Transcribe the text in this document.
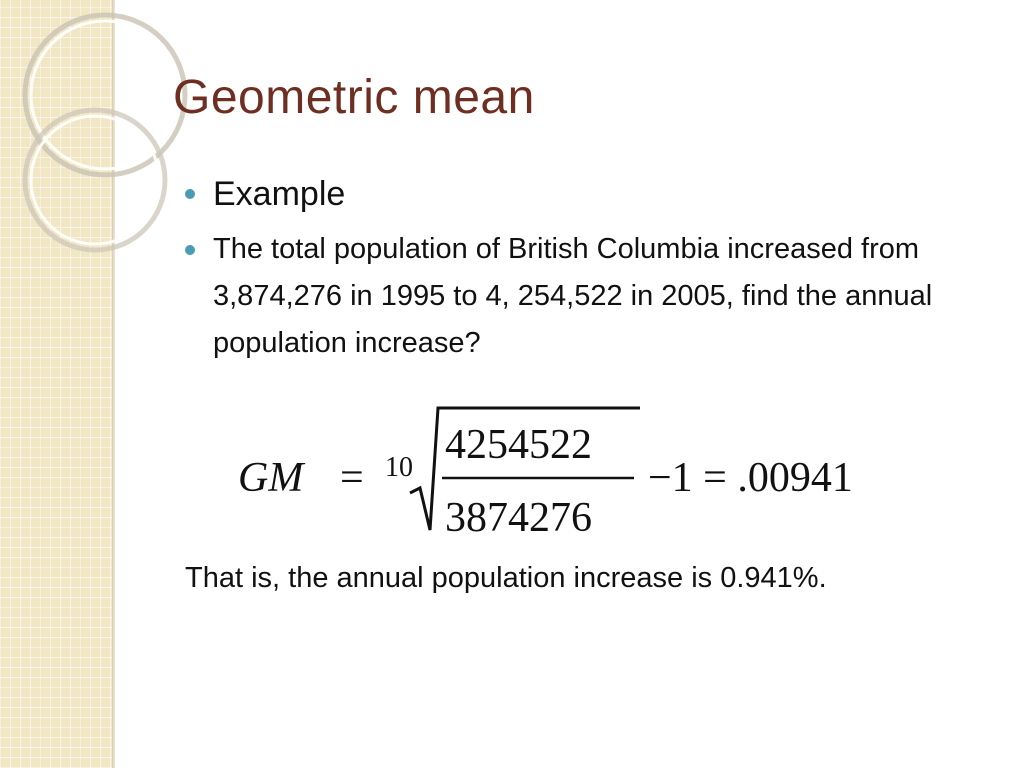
Geometric mean
Example
The total population of British Columbia increased from 3,874,276 in 1995 to 4, 254,522 in 2005, find the annual population increase?
GM = 10 4254522
3874276
−1 = .00941
That is, the annual population increase is 0.941%.
